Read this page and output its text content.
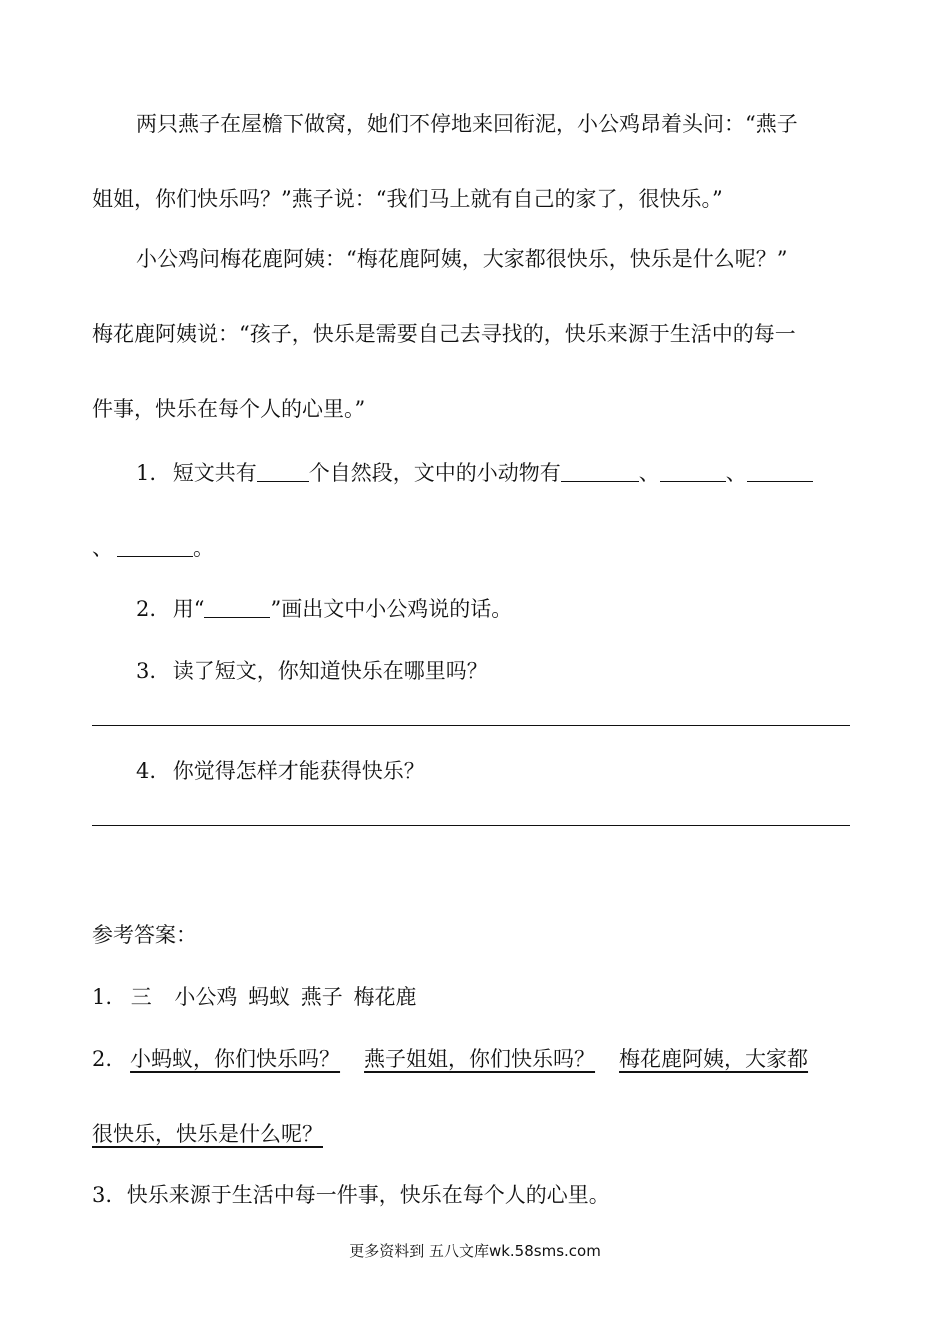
两只燕子在屋檐下做窝，她们不停地来回衔泥，小公鸡昂着头问：“燕子
姐姐，你们快乐吗？”燕子说：“我们马上就有自己的家了，很快乐。”
小公鸡问梅花鹿阿姨：“梅花鹿阿姨，大家都很快乐，快乐是什么呢？”
梅花鹿阿姨说：“孩子，快乐是需要自己去寻找的，快乐来源于生活中的每一
件事，快乐在每个人的心里。”
1. 短文共有 个自然段，文中的小动物有	、	、
、	。
2. 用“	”画出文中小公鸡说的话。
3. 读了短文，你知道快乐在哪里吗？
4. 你觉得怎样才能获得快乐？
参考答案：
1. 三 小公鸡 蚂蚁 燕子 梅花鹿
2. 小蚂蚁，你们快乐吗？ 燕子姐姐，你们快乐吗？ 梅花鹿阿姨，大家都
很快乐，快乐是什么呢？
3. 快乐来源于生活中每一件事，快乐在每个人的心里。
更多资料到 五八文库wk.58sms.com
